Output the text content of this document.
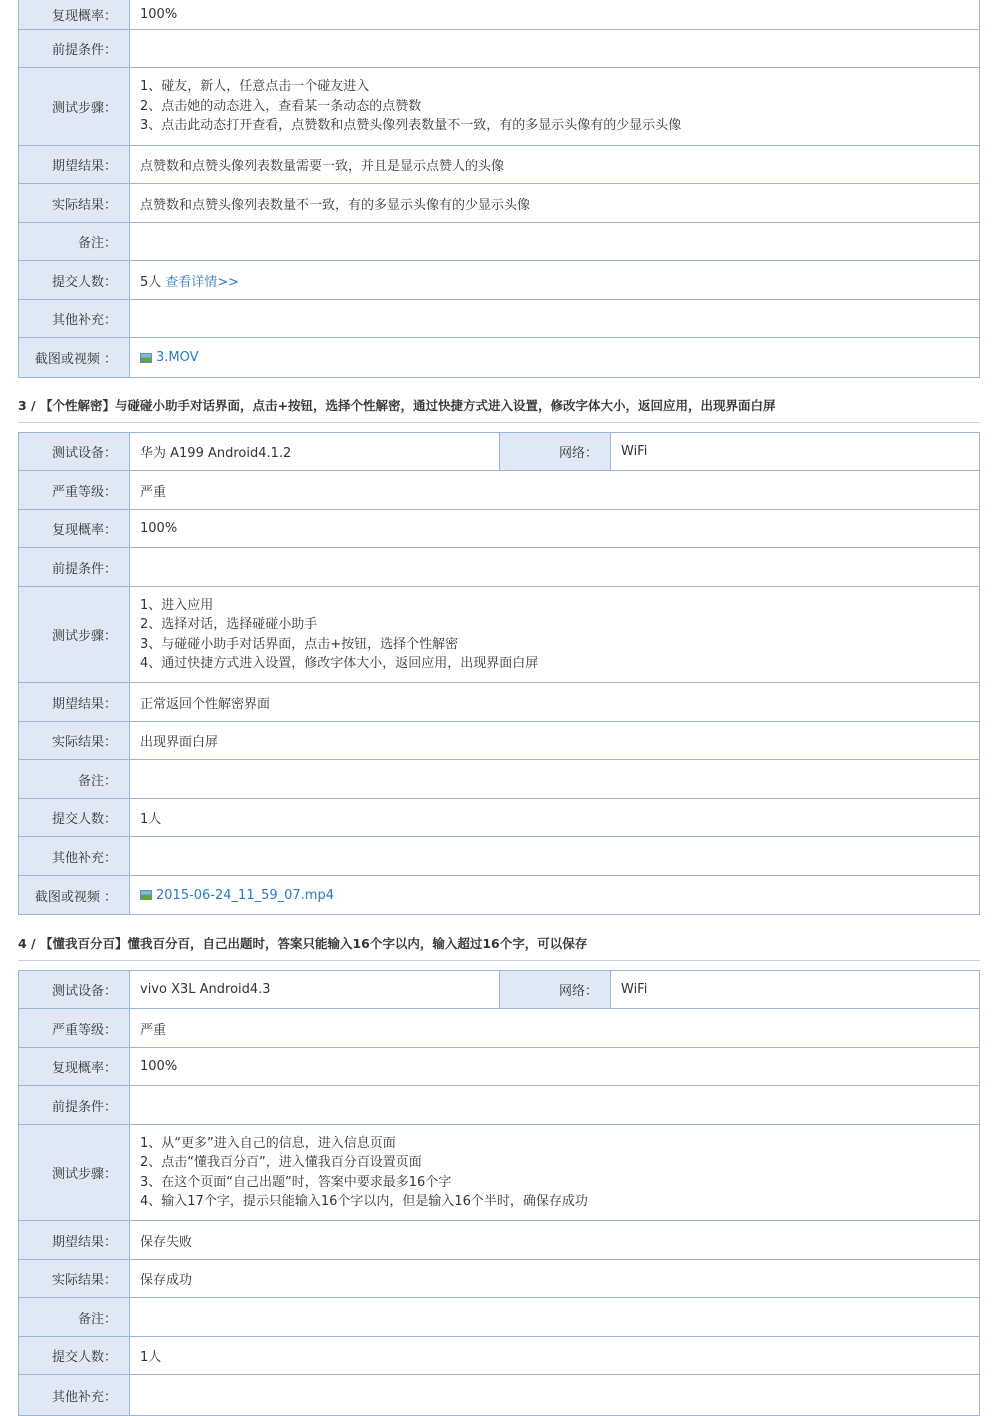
复现概率：	100%
前提条件：
测试步骤：
1、碰友，新人，任意点击一个碰友进入
2、点击她的动态进入，查看某一条动态的点赞数
3、点击此动态打开查看，点赞数和点赞头像列表数量不一致，有的多显示头像有的少显示头像
期望结果：	点赞数和点赞头像列表数量需要一致，并且是显示点赞人的头像
实际结果：	点赞数和点赞头像列表数量不一致，有的多显示头像有的少显示头像
备注：
提交人数：	5人 查看详情>>
其他补充：
截图或视频 ：	3.MOV
3 / 【个性解密】与碰碰小助手对话界面，点击+按钮，选择个性解密，通过快捷方式进入设置，修改字体大小，返回应用，出现界面白屏
测试设备：	华为 A199 Android4.1.2	网络：	WiFi
严重等级：	严重
复现概率：	100%
前提条件：
测试步骤：
1、进入应用
2、选择对话，选择碰碰小助手
3、与碰碰小助手对话界面，点击+按钮，选择个性解密
4、通过快捷方式进入设置，修改字体大小，返回应用，出现界面白屏
期望结果：	正常返回个性解密界面
实际结果：	出现界面白屏
备注：
提交人数：	1人
其他补充：
截图或视频 ：	2015-06-24_11_59_07.mp4
4 / 【懂我百分百】懂我百分百，自己出题时，答案只能输入16个字以内，输入超过16个字，可以保存
测试设备：	vivo X3L Android4.3	网络：	WiFi
严重等级：	严重
复现概率：	100%
前提条件：
测试步骤：
1、从“更多”进入自己的信息，进入信息页面
2、点击“懂我百分百”，进入懂我百分百设置页面
3、在这个页面“自己出题”时，答案中要求最多16个字
4、输入17个字，提示只能输入16个字以内，但是输入16个半时，确保存成功
期望结果：	保存失败
实际结果：	保存成功
备注：
提交人数：	1人
其他补充：
